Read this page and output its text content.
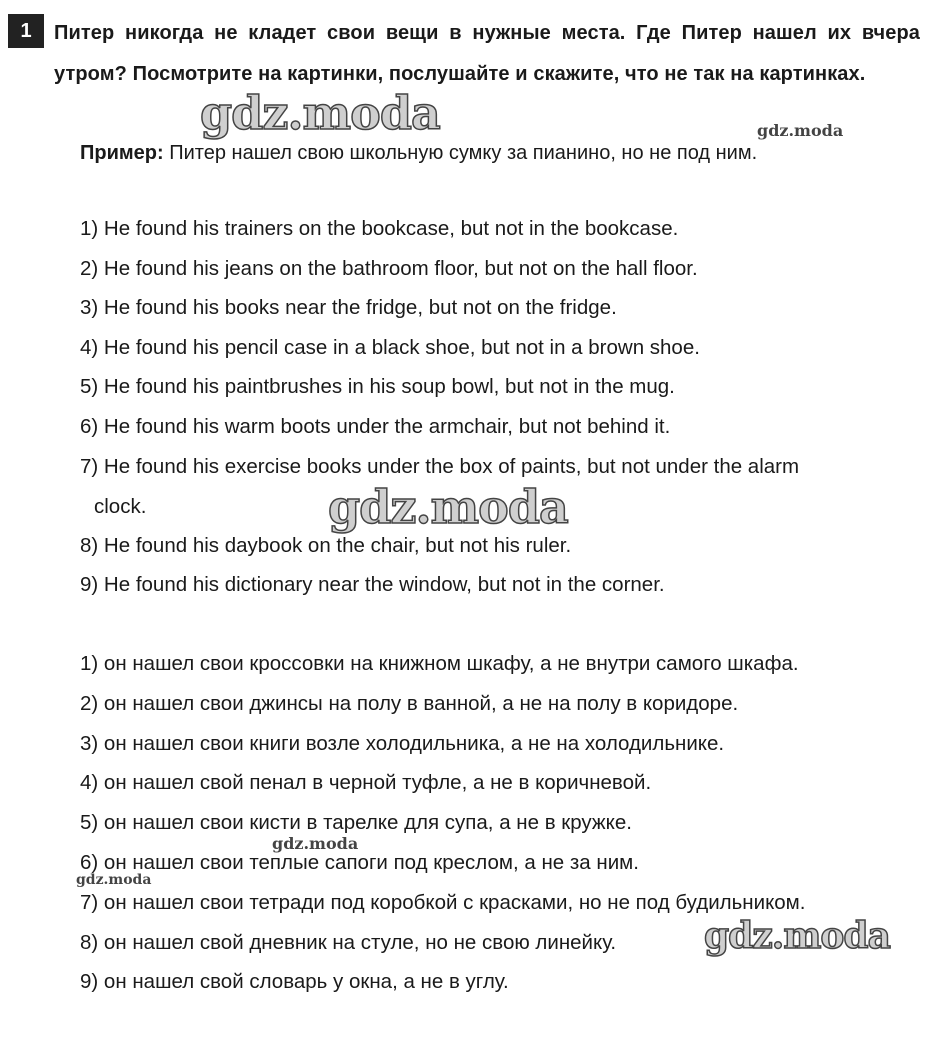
1	Питер никогда не кладет свои вещи в нужные места. Где Питер нашел их вчера утром? Посмотрите на картинки, послушайте и скажите, что не так на картинках.
Пример: Питер нашел свою школьную сумку за пианино, но не под ним.
1) He found his trainers on the bookcase, but not in the bookcase.
2) He found his jeans on the bathroom floor, but not on the hall floor.
3) He found his books near the fridge, but not on the fridge.
4) He found his pencil case in a black shoe, but not in a brown shoe.
5) He found his paintbrushes in his soup bowl, but not in the mug.
6) He found his warm boots under the armchair, but not behind it.
7) He found his exercise books under the box of paints, but not under the alarm
clock.
8) He found his daybook on the chair, but not his ruler.
9) He found his dictionary near the window, but not in the corner.
1) он нашел свои кроссовки на книжном шкафу, а не внутри самого шкафа.
2) он нашел свои джинсы на полу в ванной, а не на полу в коридоре.
3) он нашел свои книги возле холодильника, а не на холодильнике.
4) он нашел свой пенал в черной туфле, а не в коричневой.
5) он нашел свои кисти в тарелке для супа, а не в кружке.
6) он нашел свои теплые сапоги под креслом, а не за ним.
7) он нашел свои тетради под коробкой с красками, но не под будильником.
8) он нашел свой дневник на стуле, но не свою линейку.
9) он нашел свой словарь у окна, а не в углу.
gdz.moda	gdz.moda
gdz.moda
gdz.moda
gdz.moda
gdz.moda
